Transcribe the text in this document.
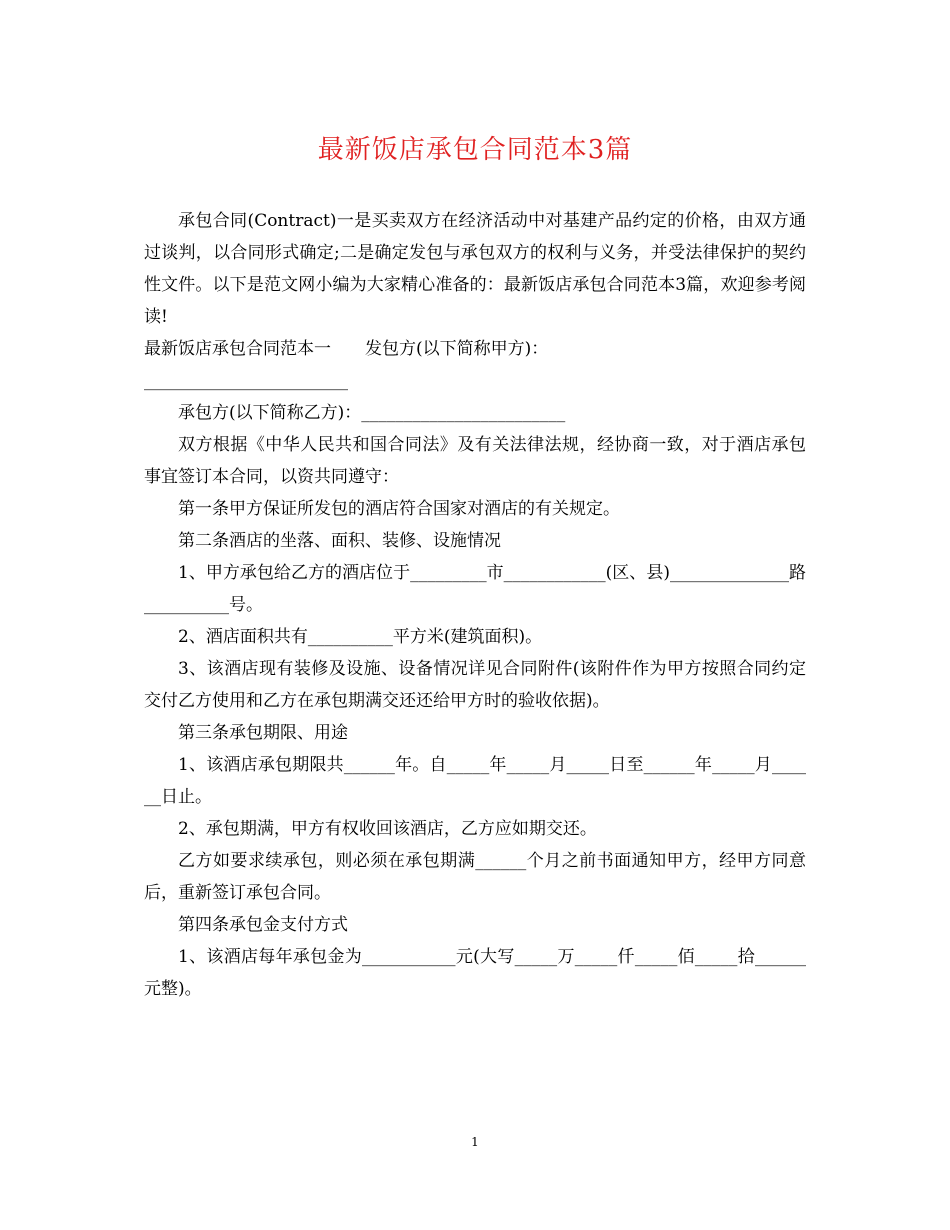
最新饭店承包合同范本3篇

承包合同(Contract)一是买卖双方在经济活动中对基建产品约定的价格，由双方通过谈判，以合同形式确定;二是确定发包与承包双方的权利与义务，并受法律保护的契约性文件。以下是范文网小编为大家精心准备的：最新饭店承包合同范本3篇，欢迎参考阅读!

最新饭店承包合同范本一　　发包方(以下简称甲方)：

________________________

承包方(以下简称乙方)：________________________

双方根据《中华人民共和国合同法》及有关法律法规，经协商一致，对于酒店承包事宜签订本合同，以资共同遵守：

第一条甲方保证所发包的酒店符合国家对酒店的有关规定。

第二条酒店的坐落、面积、装修、设施情况

1、甲方承包给乙方的酒店位于_________市____________(区、县)______________路__________号。

2、酒店面积共有__________平方米(建筑面积)。

3、该酒店现有装修及设施、设备情况详见合同附件(该附件作为甲方按照合同约定交付乙方使用和乙方在承包期满交还还给甲方时的验收依据)。

第三条承包期限、用途

1、该酒店承包期限共______年。自_____年_____月_____日至______年_____月______日止。

2、承包期满，甲方有权收回该酒店，乙方应如期交还。

乙方如要求续承包，则必须在承包期满______个月之前书面通知甲方，经甲方同意后，重新签订承包合同。

第四条承包金支付方式

1、该酒店每年承包金为___________元(大写_____万_____仟_____佰_____拾______元整)。

1
